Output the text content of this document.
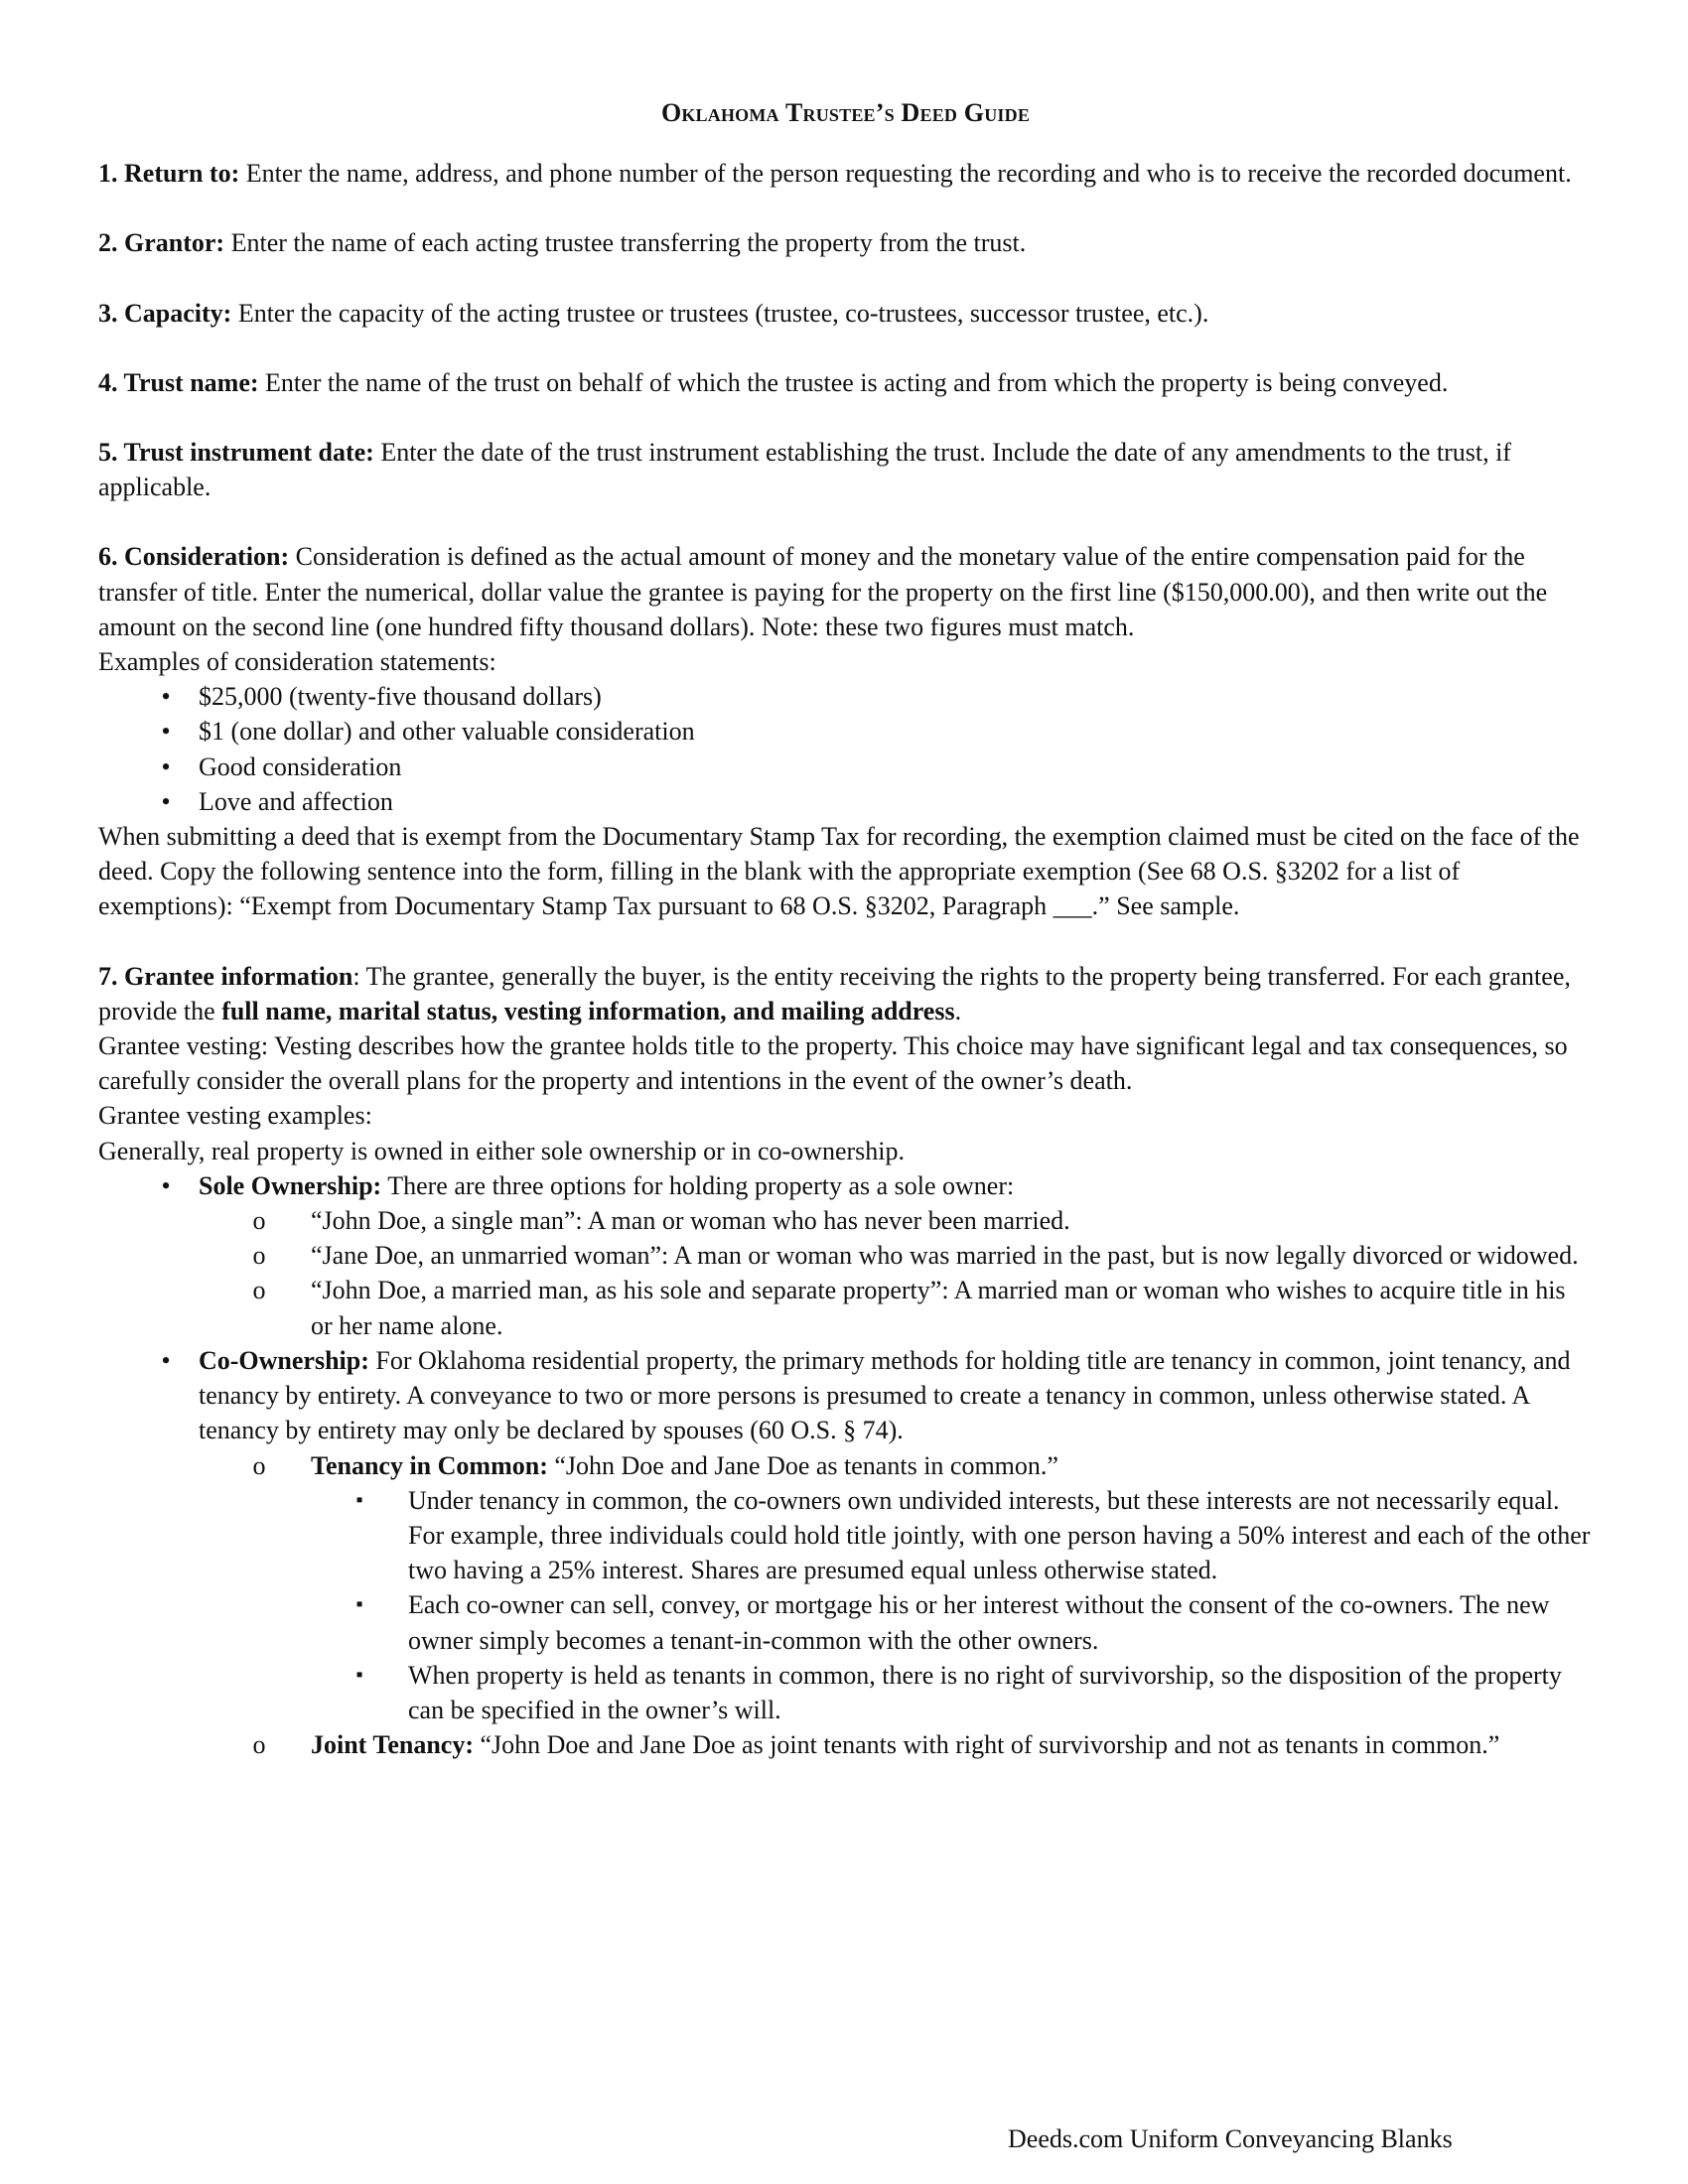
Oklahoma Trustee’s Deed Guide

1. Return to: Enter the name, address, and phone number of the person requesting the recording and who is to receive the recorded document.

2. Grantor: Enter the name of each acting trustee transferring the property from the trust.

3. Capacity: Enter the capacity of the acting trustee or trustees (trustee, co-trustees, successor trustee, etc.).

4. Trust name: Enter the name of the trust on behalf of which the trustee is acting and from which the property is being conveyed.

5. Trust instrument date: Enter the date of the trust instrument establishing the trust. Include the date of any amendments to the trust, if applicable.

6. Consideration: Consideration is defined as the actual amount of money and the monetary value of the entire compensation paid for the transfer of title. Enter the numerical, dollar value the grantee is paying for the property on the first line ($150,000.00), and then write out the amount on the second line (one hundred fifty thousand dollars). Note: these two figures must match.

Examples of consideration statements:

• $25,000 (twenty-five thousand dollars)
• $1 (one dollar) and other valuable consideration
• Good consideration
• Love and affection

When submitting a deed that is exempt from the Documentary Stamp Tax for recording, the exemption claimed must be cited on the face of the deed. Copy the following sentence into the form, filling in the blank with the appropriate exemption (See 68 O.S. §3202 for a list of exemptions): “Exempt from Documentary Stamp Tax pursuant to 68 O.S. §3202, Paragraph ___.” See sample.

7. Grantee information: The grantee, generally the buyer, is the entity receiving the rights to the property being transferred. For each grantee, provide the full name, marital status, vesting information, and mailing address.

Grantee vesting: Vesting describes how the grantee holds title to the property. This choice may have significant legal and tax consequences, so carefully consider the overall plans for the property and intentions in the event of the owner’s death.

Grantee vesting examples:

Generally, real property is owned in either sole ownership or in co-ownership.

• Sole Ownership: There are three options for holding property as a sole owner:
o “John Doe, a single man”: A man or woman who has never been married.
o “Jane Doe, an unmarried woman”: A man or woman who was married in the past, but is now legally divorced or widowed.
o “John Doe, a married man, as his sole and separate property”: A married man or woman who wishes to acquire title in his or her name alone.
• Co-Ownership: For Oklahoma residential property, the primary methods for holding title are tenancy in common, joint tenancy, and tenancy by entirety. A conveyance to two or more persons is presumed to create a tenancy in common, unless otherwise stated. A tenancy by entirety may only be declared by spouses (60 O.S. § 74).
o Tenancy in Common: “John Doe and Jane Doe as tenants in common.”
▪ Under tenancy in common, the co-owners own undivided interests, but these interests are not necessarily equal. For example, three individuals could hold title jointly, with one person having a 50% interest and each of the other two having a 25% interest. Shares are presumed equal unless otherwise stated.
▪ Each co-owner can sell, convey, or mortgage his or her interest without the consent of the co-owners. The new owner simply becomes a tenant-in-common with the other owners.
▪ When property is held as tenants in common, there is no right of survivorship, so the disposition of the property can be specified in the owner’s will.
o Joint Tenancy: “John Doe and Jane Doe as joint tenants with right of survivorship and not as tenants in common.”
Deeds.com Uniform Conveyancing Blanks
